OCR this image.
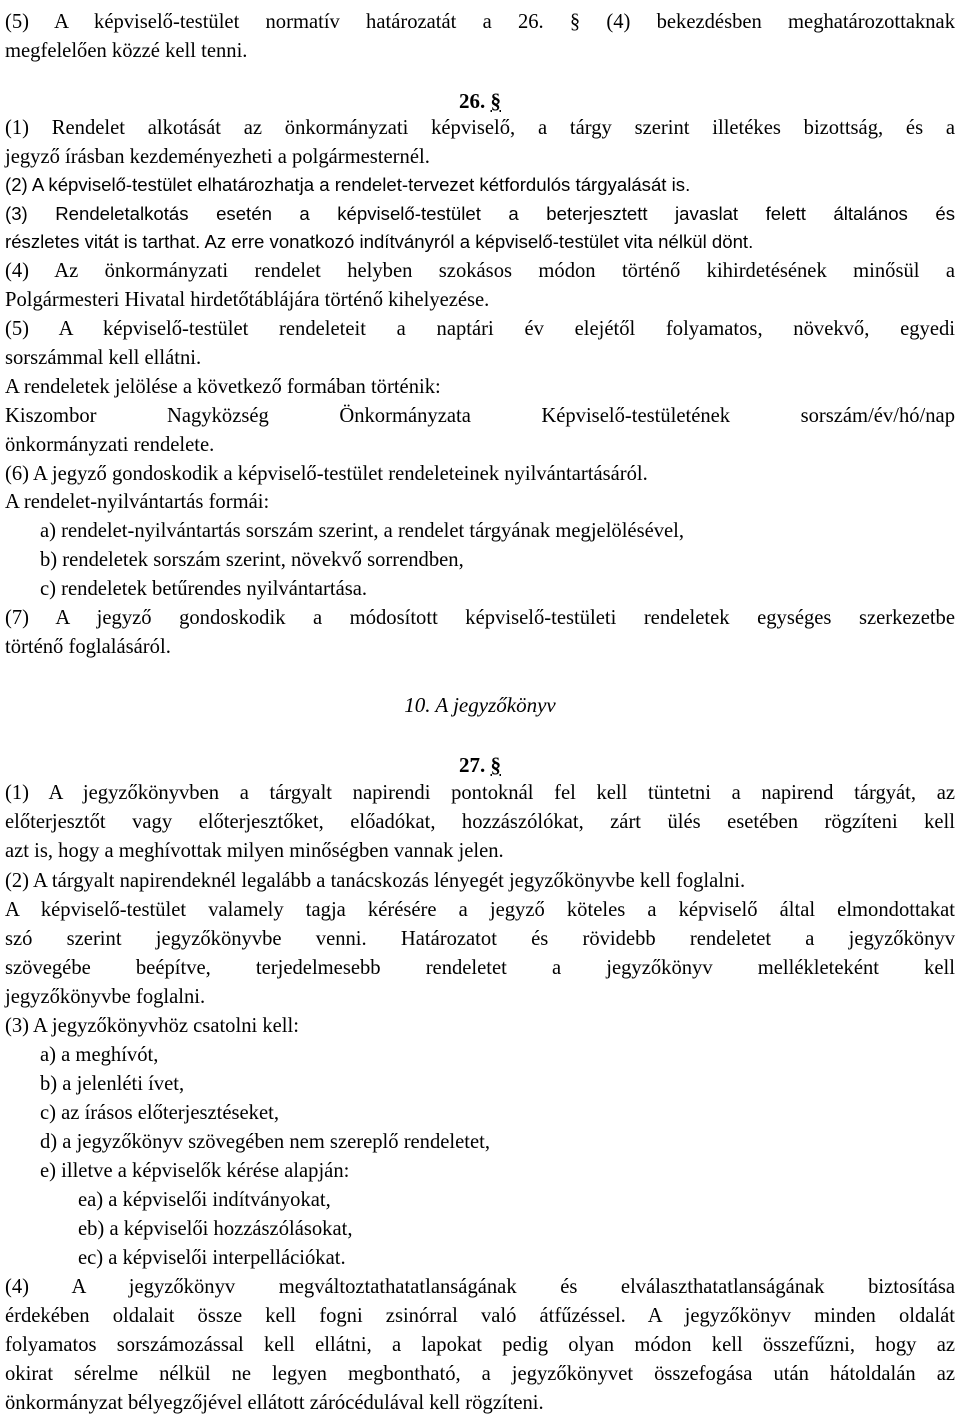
(5) A képviselő-testület normatív határozatát a 26. § (4) bekezdésben meghatározottaknak
megfelelően közzé kell tenni.
26. §
(1) Rendelet alkotását az önkormányzati képviselő, a tárgy szerint illetékes bizottság, és a
jegyző írásban kezdeményezheti a polgármesternél.
(2) A képviselő-testület elhatározhatja a rendelet-tervezet kétfordulós tárgyalását is.
(3) Rendeletalkotás esetén a képviselő-testület a beterjesztett javaslat felett általános és
részletes vitát is tarthat. Az erre vonatkozó indítványról a képviselő-testület vita nélkül dönt.
(4) Az önkormányzati rendelet helyben szokásos módon történő kihirdetésének minősül a
Polgármesteri Hivatal hirdetőtáblájára történő kihelyezése.
(5) A képviselő-testület rendeleteit a naptári év elejétől folyamatos, növekvő, egyedi
sorszámmal kell ellátni.
A rendeletek jelölése a következő formában történik:
Kiszombor Nagyközség Önkormányzata Képviselő-testületének sorszám/év/hó/nap
önkormányzati rendelete.
(6) A jegyző gondoskodik a képviselő-testület rendeleteinek nyilvántartásáról.
A rendelet-nyilvántartás formái:
a) rendelet-nyilvántartás sorszám szerint, a rendelet tárgyának megjelölésével,
b) rendeletek sorszám szerint, növekvő sorrendben,
c) rendeletek betűrendes nyilvántartása.
(7) A jegyző gondoskodik a módosított képviselő-testületi rendeletek egységes szerkezetbe
történő foglalásáról.
10. A jegyzőkönyv
27. §
(1) A jegyzőkönyvben a tárgyalt napirendi pontoknál fel kell tüntetni a napirend tárgyát, az
előterjesztőt vagy előterjesztőket, előadókat, hozzászólókat, zárt ülés esetében rögzíteni kell
azt is, hogy a meghívottak milyen minőségben vannak jelen.
(2) A tárgyalt napirendeknél legalább a tanácskozás lényegét jegyzőkönyvbe kell foglalni.
A képviselő-testület valamely tagja kérésére a jegyző köteles a képviselő által elmondottakat
szó szerint jegyzőkönyvbe venni. Határozatot és rövidebb rendeletet a jegyzőkönyv
szövegébe beépítve, terjedelmesebb rendeletet a jegyzőkönyv mellékleteként kell
jegyzőkönyvbe foglalni.
(3) A jegyzőkönyvhöz csatolni kell:
a) a meghívót,
b) a jelenléti ívet,
c) az írásos előterjesztéseket,
d) a jegyzőkönyv szövegében nem szereplő rendeletet,
e) illetve a képviselők kérése alapján:
ea) a képviselői indítványokat,
eb) a képviselői hozzászólásokat,
ec) a képviselői interpellációkat.
(4) A jegyzőkönyv megváltoztathatatlanságának és elválaszthatatlanságának biztosítása
érdekében oldalait össze kell fogni zsinórral való átfűzéssel. A jegyzőkönyv minden oldalát
folyamatos sorszámozással kell ellátni, a lapokat pedig olyan módon kell összefűzni, hogy az
okirat sérelme nélkül ne legyen megbontható, a jegyzőkönyvet összefogása után hátoldalán az
önkormányzat bélyegzőjével ellátott zárócédulával kell rögzíteni.
